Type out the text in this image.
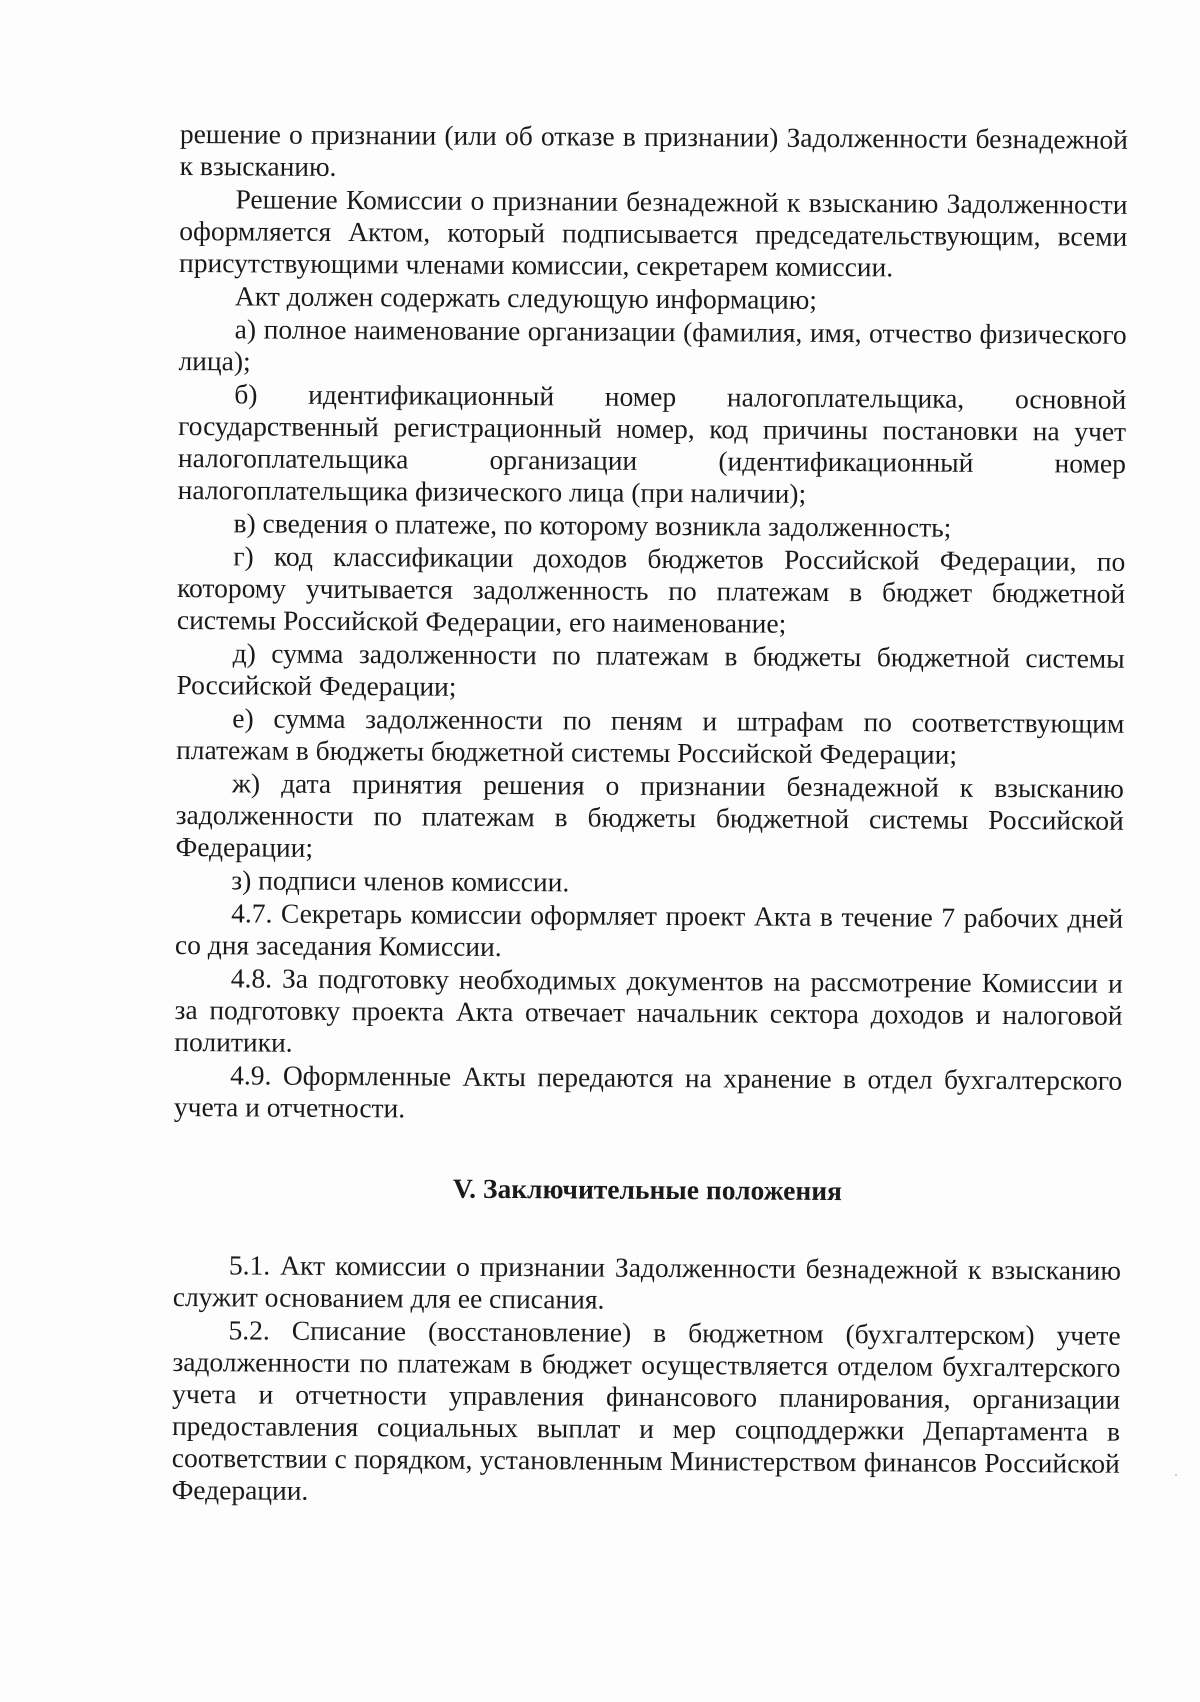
решение о признании (или об отказе в признании) Задолженности безнадежной к взысканию.

Решение Комиссии о признании безнадежной к взысканию Задолженности оформляется Актом, который подписывается председательствующим, всеми присутствующими членами комиссии, секретарем комиссии.

Акт должен содержать следующую информацию;

а) полное наименование организации (фамилия, имя, отчество физического лица);

б) идентификационный номер налогоплательщика, основной государственный регистрационный номер, код причины постановки на учет налогоплательщика организации (идентификационный номер налогоплательщика физического лица (при наличии);

в) сведения о платеже, по которому возникла задолженность;

г) код классификации доходов бюджетов Российской Федерации, по которому учитывается задолженность по платежам в бюджет бюджетной системы Российской Федерации, его наименование;

д) сумма задолженности по платежам в бюджеты бюджетной системы Российской Федерации;

е) сумма задолженности по пеням и штрафам по соответствующим платежам в бюджеты бюджетной системы Российской Федерации;

ж) дата принятия решения о признании безнадежной к взысканию задолженности по платежам в бюджеты бюджетной системы Российской Федерации;

з) подписи членов комиссии.

4.7. Секретарь комиссии оформляет проект Акта в течение 7 рабочих дней со дня заседания Комиссии.

4.8. За подготовку необходимых документов на рассмотрение Комиссии и за подготовку проекта Акта отвечает начальник сектора доходов и налоговой политики.

4.9. Оформленные Акты передаются на хранение в отдел бухгалтерского учета и отчетности.

V. Заключительные положения

5.1. Акт комиссии о признании Задолженности безнадежной к взысканию служит основанием для ее списания.

5.2. Списание (восстановление) в бюджетном (бухгалтерском) учете задолженности по платежам в бюджет осуществляется отделом бухгалтерского учета и отчетности управления финансового планирования, организации предоставления социальных выплат и мер соцподдержки Департамента в соответствии с порядком, установленным Министерством финансов Российской Федерации.
